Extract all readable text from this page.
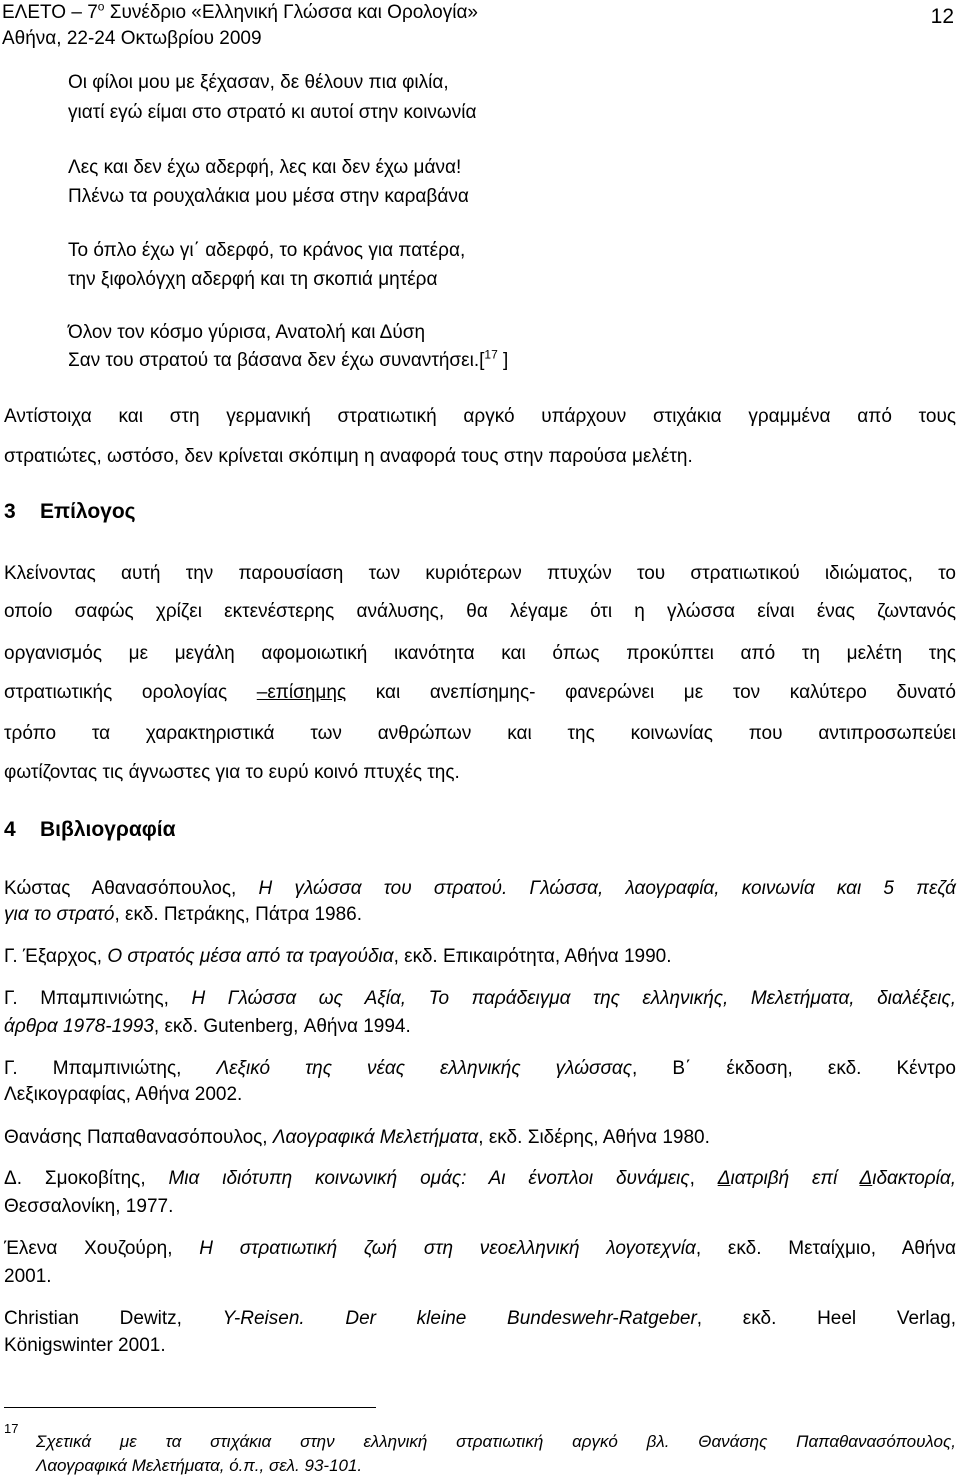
ΕΛΕΤΟ – $7^o$ Συνέδριο «Ελληνική Γλώσσα και Ορολογία»
Αθήνα, 22-24 Οκτωβρίου 2009
12
Οι φίλοι μου με ξέχασαν, δε θέλουν πια φιλία,
γιατί εγώ είμαι στο στρατό κι αυτοί στην κοινωνία
Λες και δεν έχω αδερφή, λες και δεν έχω μάνα!
Πλένω τα ρουχαλάκια μου μέσα στην καραβάνα
Το όπλο έχω γι΄ αδερφό, το κράνος για πατέρα,
την ξιφολόγχη αδερφή και τη σκοπιά μητέρα
Όλον τον κόσμο γύρισα, Ανατολή και Δύση
Σαν του στρατού τα βάσανα δεν έχω συναντήσει.[$^{17}$ ]
Αντίστοιχα και στη γερμανική στρατιωτική αργκό υπάρχουν στιχάκια γραμμένα από τους
στρατιώτες, ωστόσο, δεν κρίνεται σκόπιμη η αναφορά τους στην παρούσα μελέτη.
3 Επίλογος
Κλείνοντας αυτή την παρουσίαση των κυριότερων πτυχών του στρατιωτικού ιδιώματος, το
οποίο σαφώς χρίζει εκτενέστερης ανάλυσης, θα λέγαμε ότι η γλώσσα είναι ένας ζωντανός
οργανισμός με μεγάλη αφομοιωτική ικανότητα και όπως προκύπτει από τη μελέτη της
στρατιωτικής ορολογίας –επίσημης και ανεπίσημης- φανερώνει με τον καλύτερο δυνατό
τρόπο τα χαρακτηριστικά των ανθρώπων και της κοινωνίας που αντιπροσωπεύει
φωτίζοντας τις άγνωστες για το ευρύ κοινό πτυχές της.
4 Βιβλιογραφία
Κώστας Αθανασόπουλος, Η γλώσσα του στρατού. Γλώσσα, λαογραφία, κοινωνία και 5 πεζά
για το στρατό, εκδ. Πετράκης, Πάτρα 1986.
Γ. Έξαρχος, Ο στρατός μέσα από τα τραγούδια, εκδ. Επικαιρότητα, Αθήνα 1990.
Γ. Μπαμπινιώτης, Η Γλώσσα ως Αξία, Το παράδειγμα της ελληνικής, Μελετήματα, διαλέξεις,
άρθρα 1978-1993, εκδ. Gutenberg, Αθήνα 1994.
Γ. Μπαμπινιώτης, Λεξικό της νέας ελληνικής γλώσσας, Β΄ έκδοση, εκδ. Κέντρο
Λεξικογραφίας, Αθήνα 2002.
Θανάσης Παπαθανασόπουλος, Λαογραφικά Μελετήματα, εκδ. Σιδέρης, Αθήνα 1980.
Δ. Σμοκοβίτης, Μια ιδιότυπη κοινωνική ομάς: Αι ένοπλοι δυνάμεις, Διατριβή επί Διδακτορία,
Θεσσαλονίκη, 1977.
Έλενα Χουζούρη, Η στρατιωτική ζωή στη νεοελληνική λογοτεχνία, εκδ. Μεταίχμιο, Αθήνα
2001.
Christian Dewitz, Y-Reisen. Der kleine Bundeswehr-Ratgeber, εκδ. Heel Verlag,
Königswinter 2001.
17
Σχετικά με τα στιχάκια στην ελληνική στρατιωτική αργκό βλ. Θανάσης Παπαθανασόπουλος,
Λαογραφικά Μελετήματα, ό.π., σελ. 93-101.
